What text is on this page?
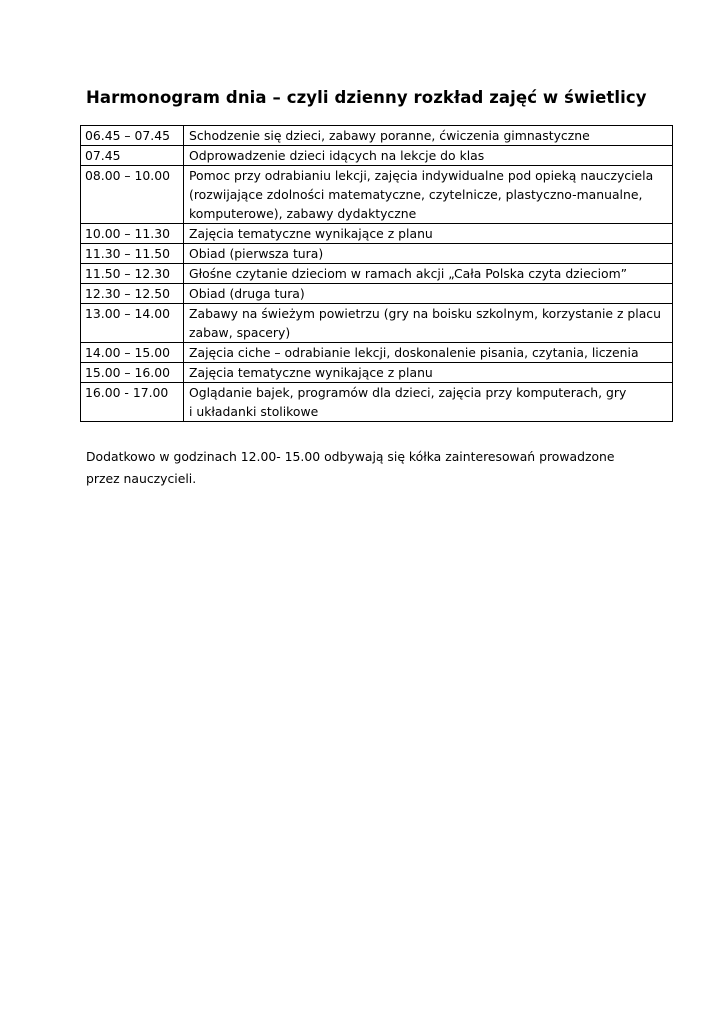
Harmonogram dnia – czyli dzienny rozkład zajęć w świetlicy
06.45 – 07.45	Schodzenie się dzieci, zabawy poranne, ćwiczenia gimnastyczne

07.45	Odprowadzenie dzieci idących na lekcje do klas

08.00 – 10.00	Pomoc przy odrabianiu lekcji, zajęcia indywidualne pod opieką nauczyciela
(rozwijające zdolności matematyczne, czytelnicze, plastyczno-manualne,
komputerowe), zabawy dydaktyczne

10.00 – 11.30	Zajęcia tematyczne wynikające z planu

11.30 – 11.50	Obiad (pierwsza tura)

11.50 – 12.30	Głośne czytanie dzieciom w ramach akcji „Cała Polska czyta dzieciom”

12.30 – 12.50	Obiad (druga tura)

13.00 – 14.00	Zabawy na świeżym powietrzu (gry na boisku szkolnym, korzystanie z placu
zabaw, spacery)

14.00 – 15.00	Zajęcia ciche – odrabianie lekcji, doskonalenie pisania, czytania, liczenia

15.00 – 16.00	Zajęcia tematyczne wynikające z planu

16.00 - 17.00	Oglądanie bajek, programów dla dzieci, zajęcia przy komputerach, gry
i układanki stolikowe
Dodatkowo w godzinach 12.00- 15.00 odbywają się kółka zainteresowań prowadzone
przez nauczycieli.
